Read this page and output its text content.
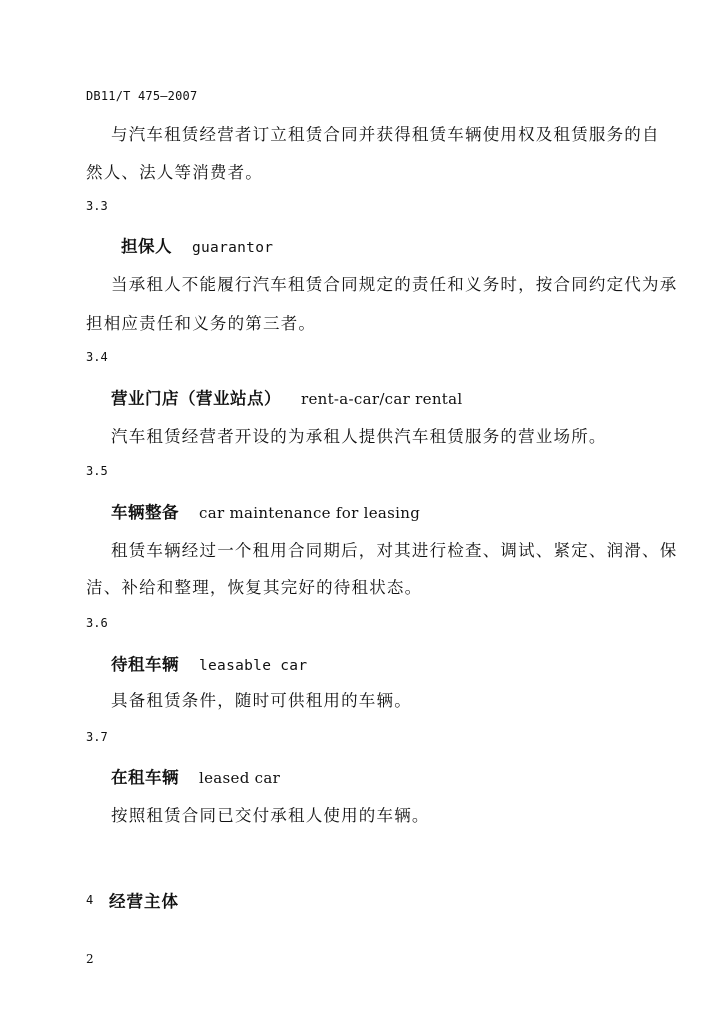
DB11/T 475—2007
与汽车租赁经营者订立租赁合同并获得租赁车辆使用权及租赁服务的自
然人、法人等消费者。
3.3
担保人 guarantor
当承租人不能履行汽车租赁合同规定的责任和义务时，按合同约定代为承
担相应责任和义务的第三者。
3.4
营业门店（营业站点） rent-a-car/car rental
汽车租赁经营者开设的为承租人提供汽车租赁服务的营业场所。
3.5
车辆整备 car maintenance for leasing
租赁车辆经过一个租用合同期后，对其进行检查、调试、紧定、润滑、保
洁、补给和整理，恢复其完好的待租状态。
3.6
待租车辆 leasable car
具备租赁条件，随时可供租用的车辆。
3.7
在租车辆 leased car
按照租赁合同已交付承租人使用的车辆。
4 经营主体
2
